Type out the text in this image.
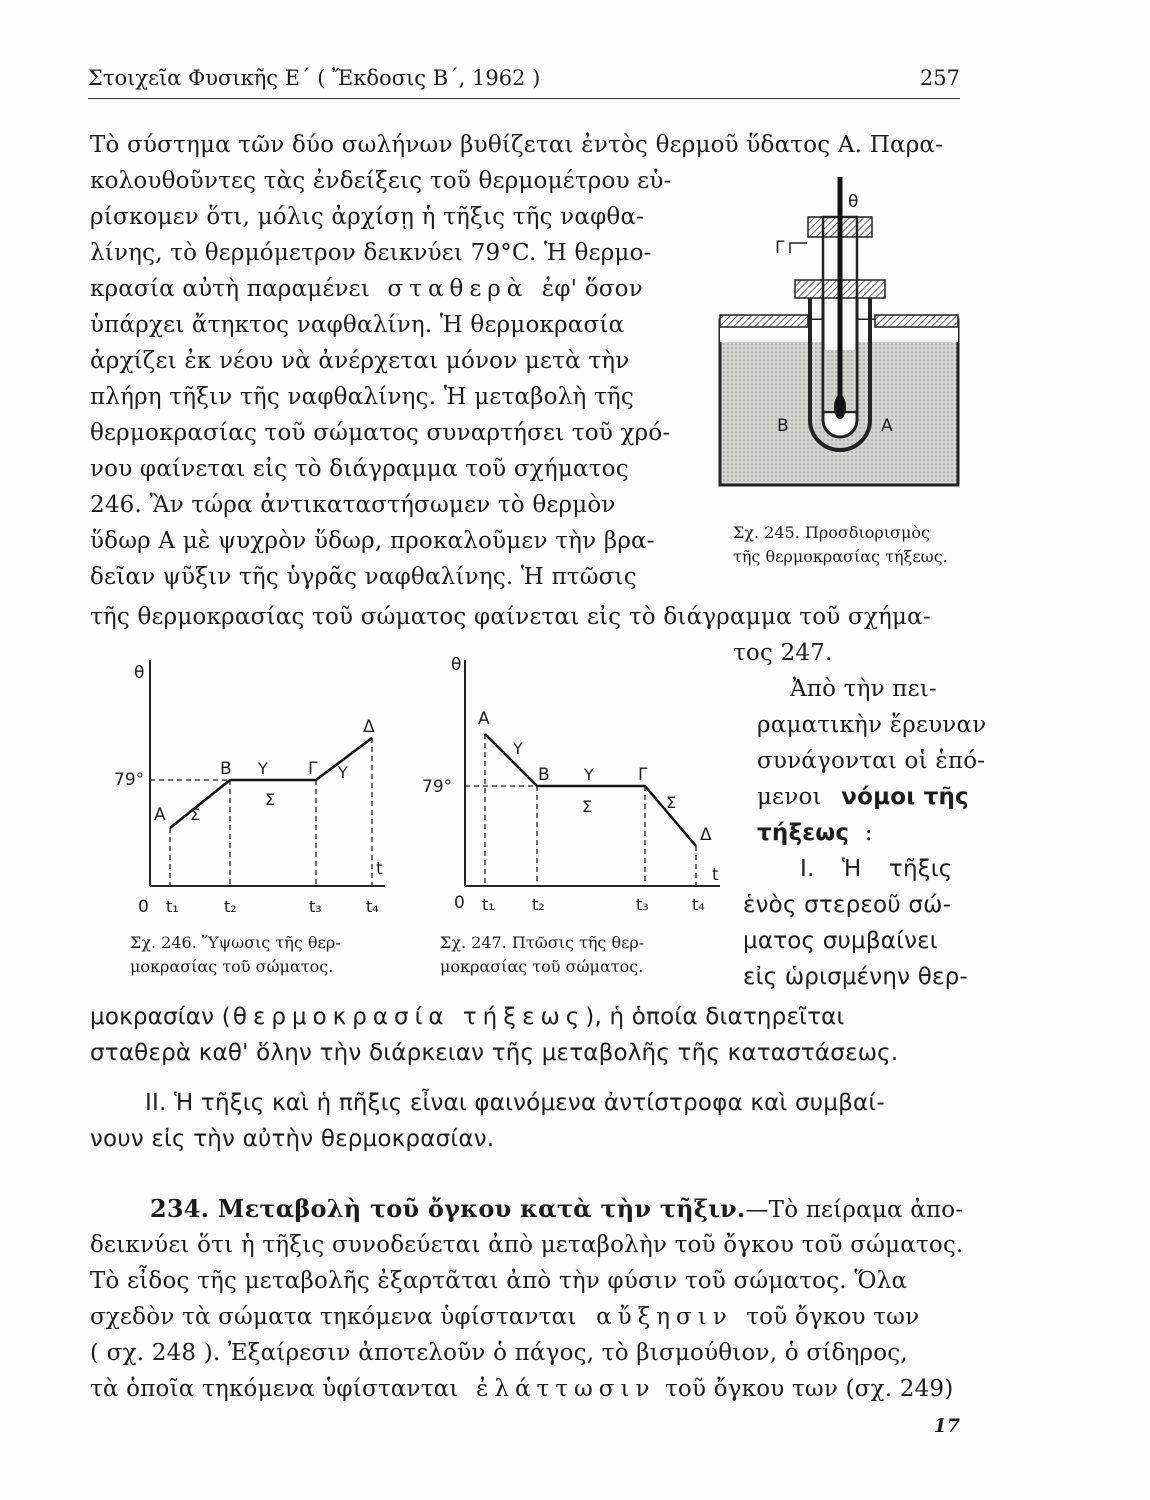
Στοιχεῖα Φυσικῆς Ε΄ ( Ἔκδοσις Β΄, 1962 )	257
Τὸ σύστημα τῶν δύο σωλήνων βυθίζεται ἐντὸς θερμοῦ ὕδατος Α. Παρα-
κολουθοῦντες τὰς ἐνδείξεις τοῦ θερμομέτρου εὑ-
ρίσκομεν ὅτι, μόλις ἀρχίσῃ ἡ τῆξις τῆς ναφθα-
λίνης, τὸ θερμόμετρον δεικνύει 79°C. Ἡ θερμο-
κρασία αὐτὴ παραμένει σταθερὰ ἐφ' ὅσον
ὑπάρχει ἄτηκτος ναφθαλίνη. Ἡ θερμοκρασία
ἀρχίζει ἐκ νέου νὰ ἀνέρχεται μόνον μετὰ τὴν
πλήρη τῆξιν τῆς ναφθαλίνης. Ἡ μεταβολὴ τῆς
θερμοκρασίας τοῦ σώματος συναρτήσει τοῦ χρό-
νου φαίνεται εἰς τὸ διάγραμμα τοῦ σχήματος
246. Ἂν τώρα ἀντικαταστήσωμεν τὸ θερμὸν
ὕδωρ Α μὲ ψυχρὸν ὕδωρ, προκαλοῦμεν τὴν βρα-
δεῖαν ψῦξιν τῆς ὑγρᾶς ναφθαλίνης. Ἡ πτῶσις
τῆς θερμοκρασίας τοῦ σώματος φαίνεται εἰς τὸ διάγραμμα τοῦ σχήμα-
τος 247.
θ
Γ
Β	Α
Σχ. 245. Προσδιορισμὸς
τῆς θερμοκρασίας τήξεως.
θ
79°
t
0 t₁	t₂	t₃	t₄
Α
Β	Γ
Δ
Σ
Σ
Υ	Υ
Σχ. 246. Ὕψωσις τῆς θερ-
μοκρασίας τοῦ σώματος.
θ
79°
t
0 t₁ t₂	t₃	t₄
Α
Β	Γ
Δ
Υ
Υ
Σ	Σ
Σχ. 247. Πτῶσις τῆς θερ-
μοκρασίας τοῦ σώματος.
Ἀπὸ τὴν πει-
ραματικὴν ἔρευναν
συνάγονται οἱ ἑπό-
μενοι νόμοι τῆς
τήξεως :
Ι. Ἡ τῆξις
ἑνὸς στερεοῦ σώ-
ματος συμβαίνει
εἰς ὡρισμένην θερ-
μοκρασίαν (θερμοκρασία τήξεως), ἡ ὁποία διατηρεῖται
σταθερὰ καθ' ὅλην τὴν διάρκειαν τῆς μεταβολῆς τῆς καταστάσεως.
ΙΙ. Ἡ τῆξις καὶ ἡ πῆξις εἶναι φαινόμενα ἀντίστροφα καὶ συμβαί-
νουν εἰς τὴν αὐτὴν θερμοκρασίαν.
234. Μεταβολὴ τοῦ ὄγκου κατὰ τὴν τῆξιν.—Τὸ πείραμα ἀπο-
δεικνύει ὅτι ἡ τῆξις συνοδεύεται ἀπὸ μεταβολὴν τοῦ ὄγκου τοῦ σώματος.
Τὸ εἶδος τῆς μεταβολῆς ἐξαρτᾶται ἀπὸ τὴν φύσιν τοῦ σώματος. Ὅλα
σχεδὸν τὰ σώματα τηκόμενα ὑφίστανται αὔξησιν τοῦ ὄγκου των
( σχ. 248 ). Ἐξαίρεσιν ἀποτελοῦν ὁ πάγος, τὸ βισμούθιον, ὁ σίδηρος,
τὰ ὁποῖα τηκόμενα ὑφίστανται ἐλάττωσιν τοῦ ὄγκου των (σχ. 249)
17
